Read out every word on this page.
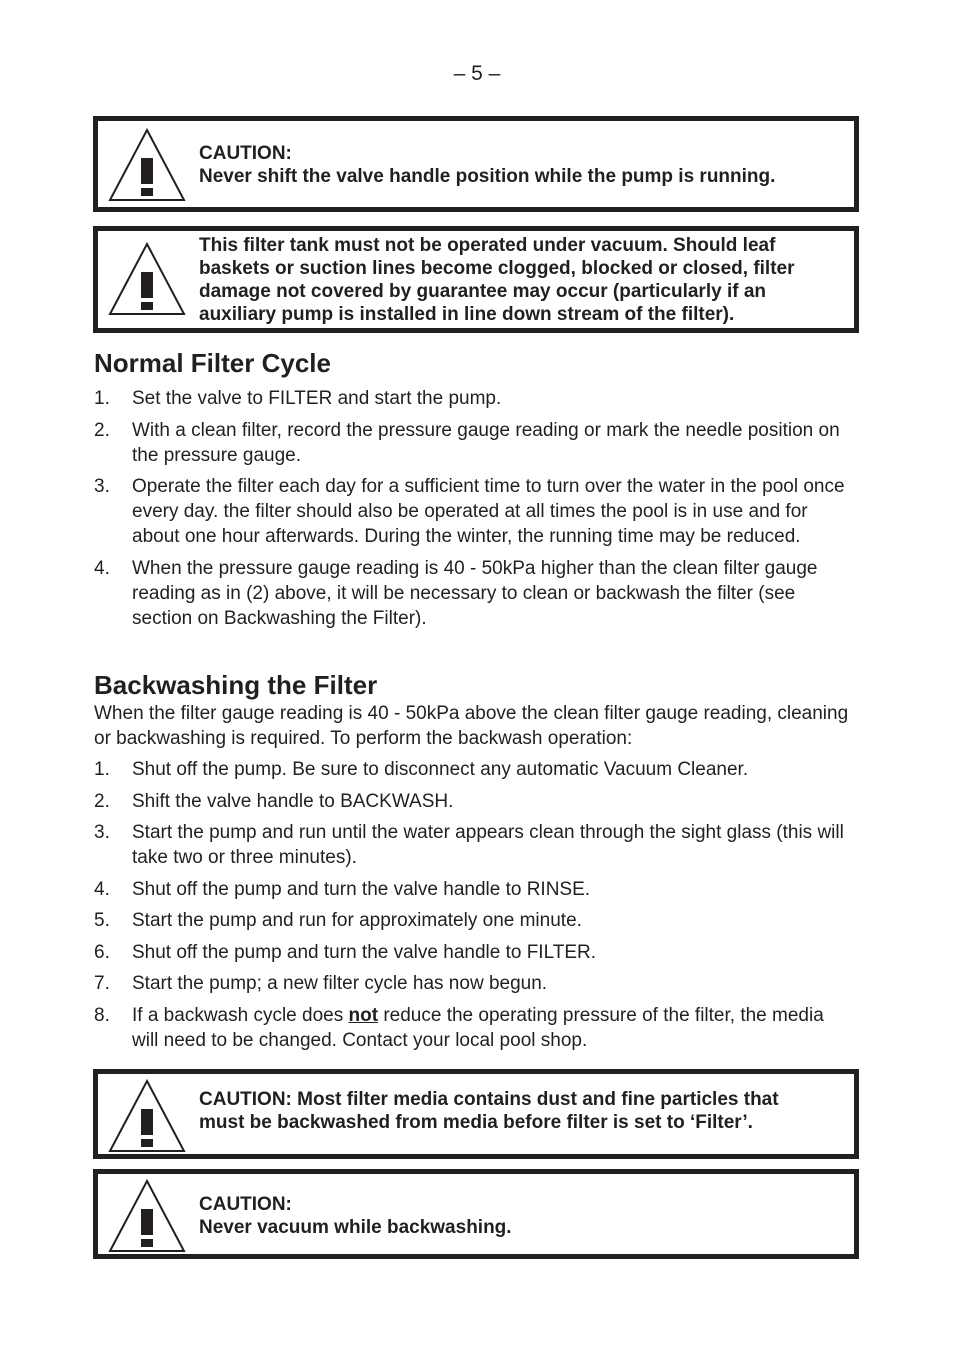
– 5 –
CAUTION:
Never shift the valve handle position while the pump is running.
This filter tank must not be operated under vacuum. Should leaf
baskets or suction lines become clogged, blocked or closed, filter
damage not covered by guarantee may occur (particularly if an
auxiliary pump is installed in line down stream of the filter).
Normal Filter Cycle
1. Set the valve to FILTER and start the pump.
2. With a clean filter, record the pressure gauge reading or mark the needle position on the pressure gauge.
3. Operate the filter each day for a sufficient time to turn over the water in the pool once every day. the filter should also be operated at all times the pool is in use and for about one hour afterwards. During the winter, the running time may be reduced.
4. When the pressure gauge reading is 40 - 50kPa higher than the clean filter gauge reading as in (2) above, it will be necessary to clean or backwash the filter (see section on Backwashing the Filter).
Backwashing the Filter

When the filter gauge reading is 40 - 50kPa above the clean filter gauge reading, cleaning or backwashing is required. To perform the backwash operation:

1. Shut off the pump. Be sure to disconnect any automatic Vacuum Cleaner.
2. Shift the valve handle to BACKWASH.
3. Start the pump and run until the water appears clean through the sight glass (this will take two or three minutes).
4. Shut off the pump and turn the valve handle to RINSE.
5. Start the pump and run for approximately one minute.
6. Shut off the pump and turn the valve handle to FILTER.
7. Start the pump; a new filter cycle has now begun.
8. If a backwash cycle does not reduce the operating pressure of the filter, the media will need to be changed. Contact your local pool shop.
CAUTION: Most filter media contains dust and fine particles that
must be backwashed from media before filter is set to ‘Filter’.
CAUTION:
Never vacuum while backwashing.
